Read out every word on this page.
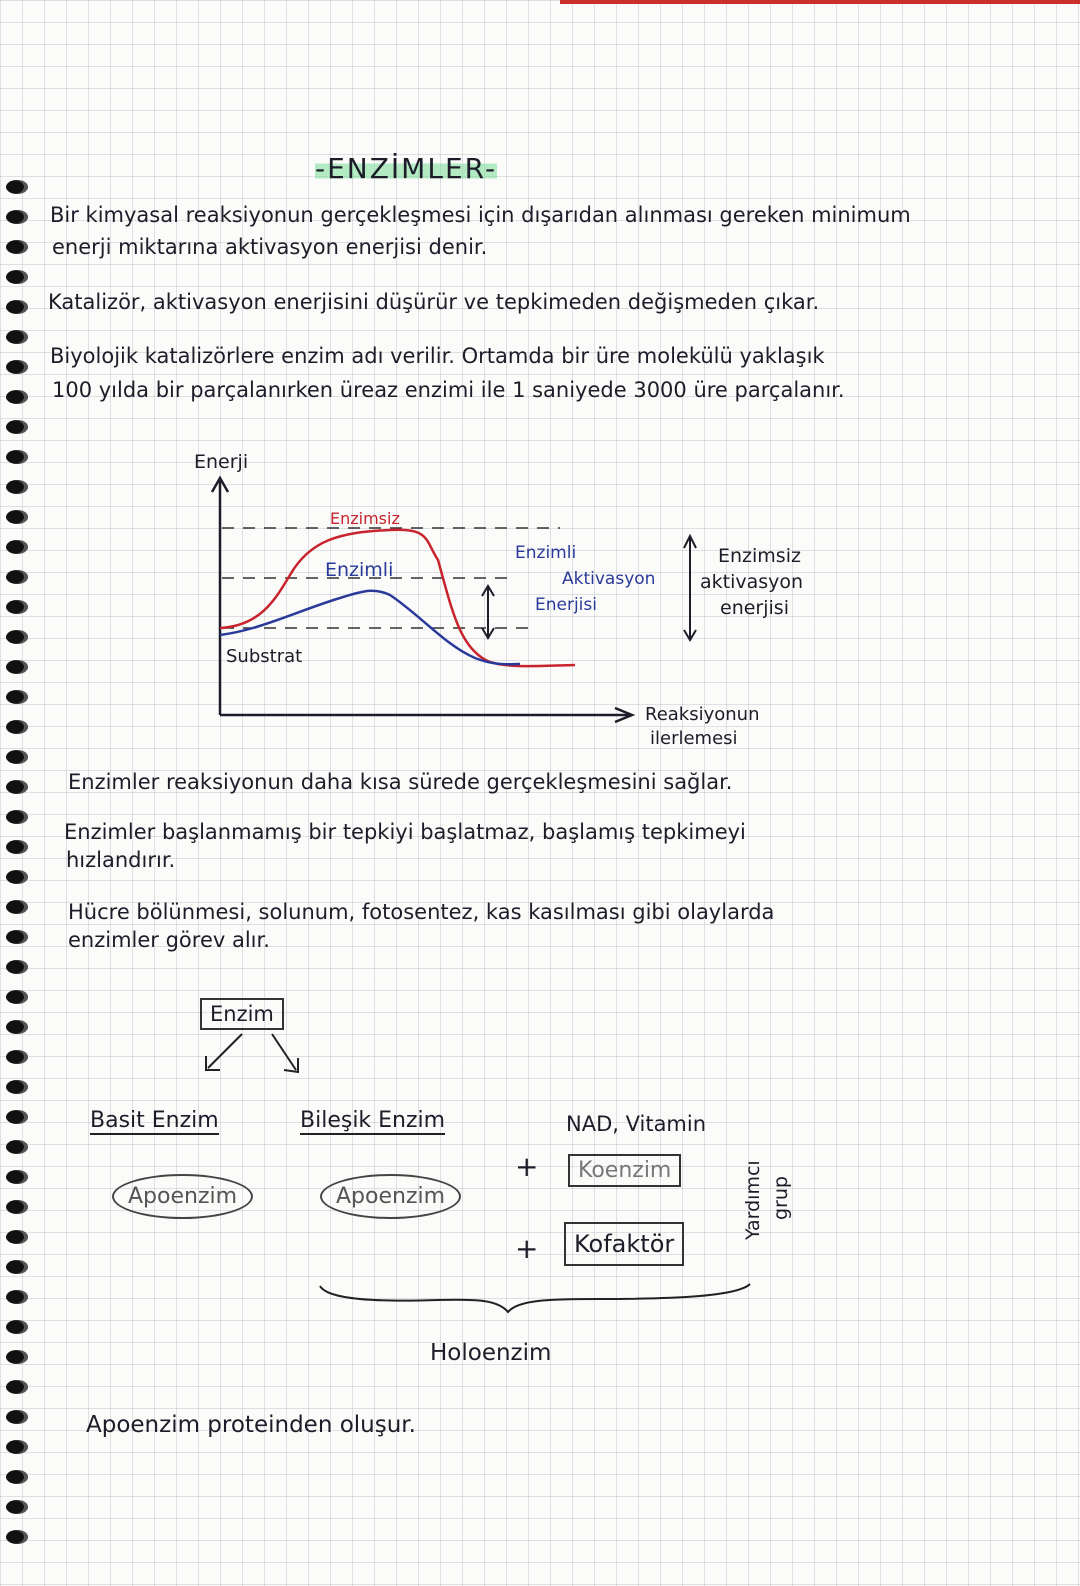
-ENZİMLER-
Bir kimyasal reaksiyonun gerçekleşmesi için dışarıdan alınması gereken minimum
enerji miktarına aktivasyon enerjisi denir.
Katalizör, aktivasyon enerjisini düşürür ve tepkimeden değişmeden çıkar.
Biyolojik katalizörlere enzim adı verilir. Ortamda bir üre molekülü yaklaşık
100 yılda bir parçalanırken üreaz enzimi ile 1 saniyede 3000 üre parçalanır.
Enerji
Enzimsiz
Enzimli
Substrat
Enzimli
Aktivasyon
Enerjisi
Enzimsiz
aktivasyon
enerjisi
Reaksiyonun
ilerlemesi
Enzimler reaksiyonun daha kısa sürede gerçekleşmesini sağlar.
Enzimler başlanmamış bir tepkiyi başlatmaz, başlamış tepkimeyi
hızlandırır.
Hücre bölünmesi, solunum, fotosentez, kas kasılması gibi olaylarda
enzimler görev alır.
Enzim
Basit Enzim	Bileşik Enzim	NAD, Vitamin
Apoenzim	Apoenzim
+	Koenzim
+	Kofaktör
Yardımcı grup
Holoenzim
Apoenzim proteinden oluşur.
